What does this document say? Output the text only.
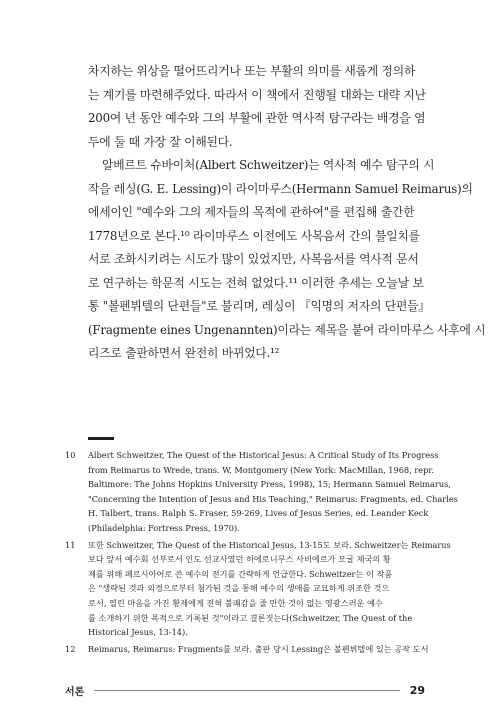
차지하는 위상을 떨어뜨리거나 또는 부활의 의미를 새롭게 정의하
는 계기를 마련해주었다. 따라서 이 책에서 진행될 대화는 대략 지난
200여 년 동안 예수와 그의 부활에 관한 역사적 탐구라는 배경을 염
두에 둘 때 가장 잘 이해된다.
알베르트 슈바이처(Albert Schweitzer)는 역사적 예수 탐구의 시
작을 레싱(G. E. Lessing)이 라이마루스(Hermann Samuel Reimarus)의
에세이인 "예수와 그의 제자들의 목적에 관하여"를 편집해 출간한
1778년으로 본다.¹⁰ 라이마루스 이전에도 사복음서 간의 불일치를
서로 조화시키려는 시도가 많이 있었지만, 사복음서를 역사적 문서
로 연구하는 학문적 시도는 전혀 없었다.¹¹ 이러한 추세는 오늘날 보
통 "볼펜뷔텔의 단편들"로 불리며, 레싱이 『익명의 저자의 단편들』
(Fragmente eines Ungenannten)이라는 제목을 붙여 라이마루스 사후에 시
리즈로 출판하면서 완전히 바뀌었다.¹²
10	Albert Schweitzer, The Quest of the Historical Jesus: A Critical Study of Its Progress
from Reimarus to Wrede, trans. W. Montgomery (New York: MacMillan, 1968, repr.
Baltimore: The Johns Hopkins University Press, 1998), 15; Hermann Samuel Reimarus,
"Concerning the Intention of Jesus and His Teaching," Reimarus: Fragments, ed. Charles
H. Talbert, trans. Ralph S. Fraser, 59-269, Lives of Jesus Series, ed. Leander Keck
(Philadelphia: Fortress Press, 1970).
11	또한 Schweitzer, The Quest of the Historical Jesus, 13-15도 보라. Schweitzer는 Reimarus
보다 앞서 예수회 선부로서 인도 선교사였던 히에로니무스 사비에르가 모굴 제국의 황
제를 위해 페르시아어로 쓴 예수의 전기를 간략하게 언급한다. Schweitzer는 이 작품
은 "생략된 것과 외경으로부터 첨가된 것을 통해 예수의 생애를 교묘하게 위조한 것으
로서, 열린 마음을 가진 황제에게 전혀 불쾌감을 줄 만한 것이 없는 영광스러운 예수
를 소개하기 위한 목적으로 기록된 것"이라고 결론짓는다(Schweitzer, The Quest of the
Historical Jesus, 13-14).
12	Reimarus, Reimarus: Fragments를 보라. 출판 당시 Lessing은 볼펜뷔텔에 있는 공작 도서
서론	29
